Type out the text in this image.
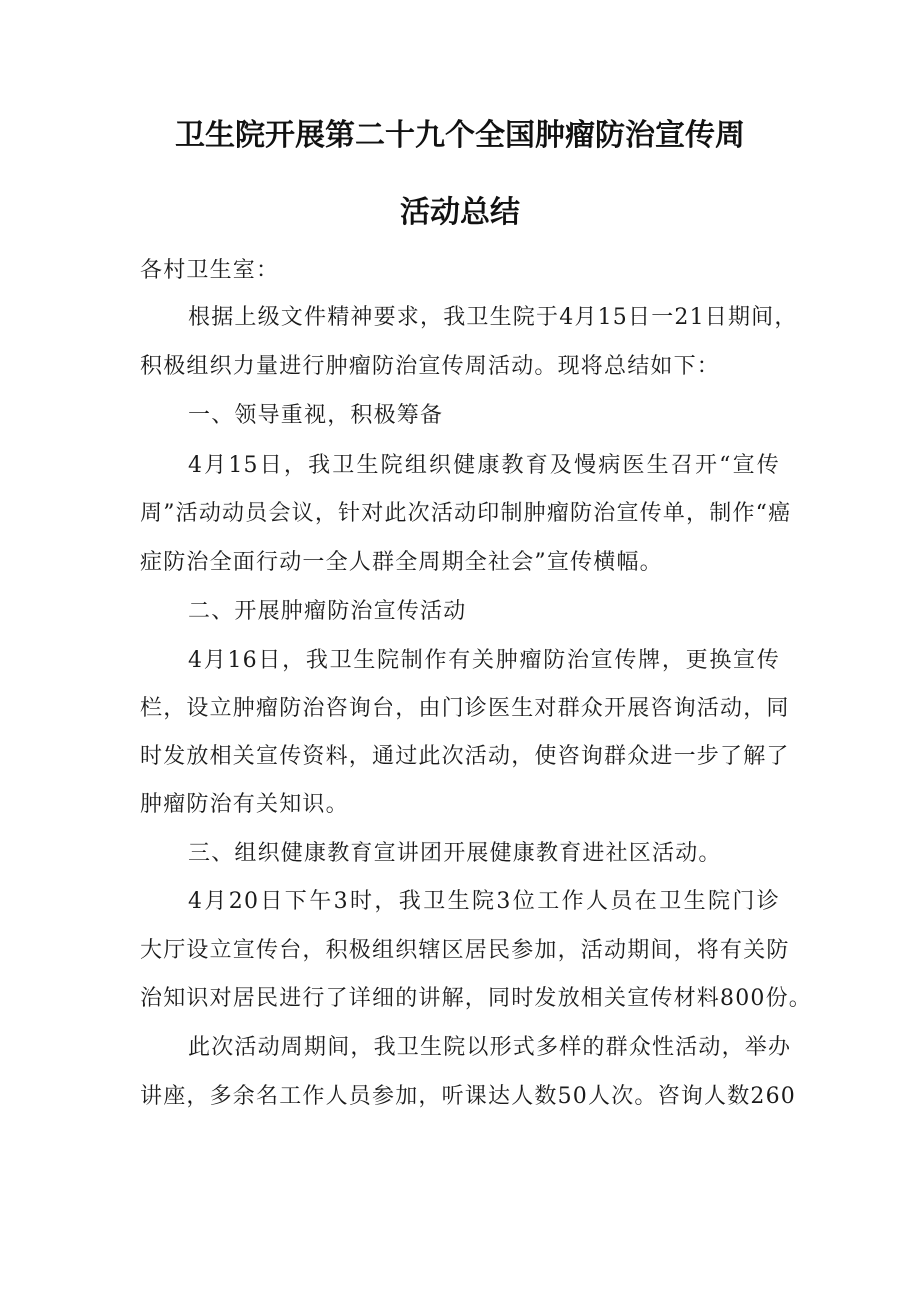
卫生院开展第二十九个全国肿瘤防治宣传周
活动总结
各村卫生室：
根据上级文件精神要求，我卫生院于4月15日一21日期间，
积极组织力量进行肿瘤防治宣传周活动。现将总结如下：
一、领导重视，积极筹备
4月15日，我卫生院组织健康教育及慢病医生召开“宣传
周”活动动员会议，针对此次活动印制肿瘤防治宣传单，制作“癌
症防治全面行动一全人群全周期全社会”宣传横幅。
二、开展肿瘤防治宣传活动
4月16日，我卫生院制作有关肿瘤防治宣传牌，更换宣传
栏，设立肿瘤防治咨询台，由门诊医生对群众开展咨询活动，同
时发放相关宣传资料，通过此次活动，使咨询群众进一步了解了
肿瘤防治有关知识。
三、组织健康教育宣讲团开展健康教育进社区活动。
4月20日下午3时，我卫生院3位工作人员在卫生院门诊
大厅设立宣传台，积极组织辖区居民参加，活动期间，将有关防
治知识对居民进行了详细的讲解，同时发放相关宣传材料800份。
此次活动周期间，我卫生院以形式多样的群众性活动，举办
讲座，多余名工作人员参加，听课达人数50人次。咨询人数260
